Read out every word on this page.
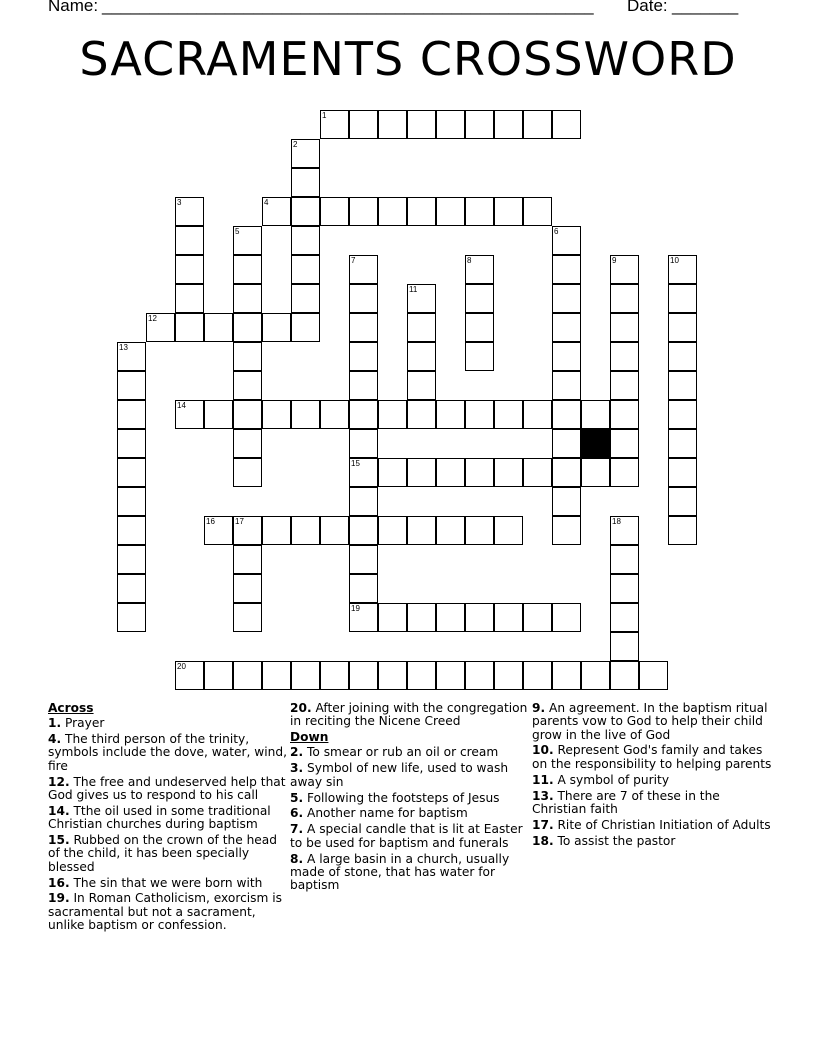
Name: ____________________________________________________ Date: _______
SACRAMENTS CROSSWORD
1
2
3	4
5	6
7
15
19
8	9	10
11
12
13
14
16	17	18
20
Across
1. Prayer
4. The third person of the trinity, symbols include the dove, water, wind, fire
12. The free and undeserved help that God gives us to respond to his call
14. Tthe oil used in some traditional Christian churches during baptism
15. Rubbed on the crown of the head of the child, it has been specially blessed
16. The sin that we were born with
19. In Roman Catholicism, exorcism is sacramental but not a sacrament, unlike baptism or confession.
20. After joining with the congregation in reciting the Nicene Creed
Down
2. To smear or rub an oil or cream
3. Symbol of new life, used to wash away sin
5. Following the footsteps of Jesus
6. Another name for baptism
7. A special candle that is lit at Easter to be used for baptism and funerals
8. A large basin in a church, usually made of stone, that has water for baptism
9. An agreement. In the baptism ritual parents vow to God to help their child grow in the live of God
10. Represent God's family and takes on the responsibility to helping parents
11. A symbol of purity
13. There are 7 of these in the Christian faith
17. Rite of Christian Initiation of Adults
18. To assist the pastor
